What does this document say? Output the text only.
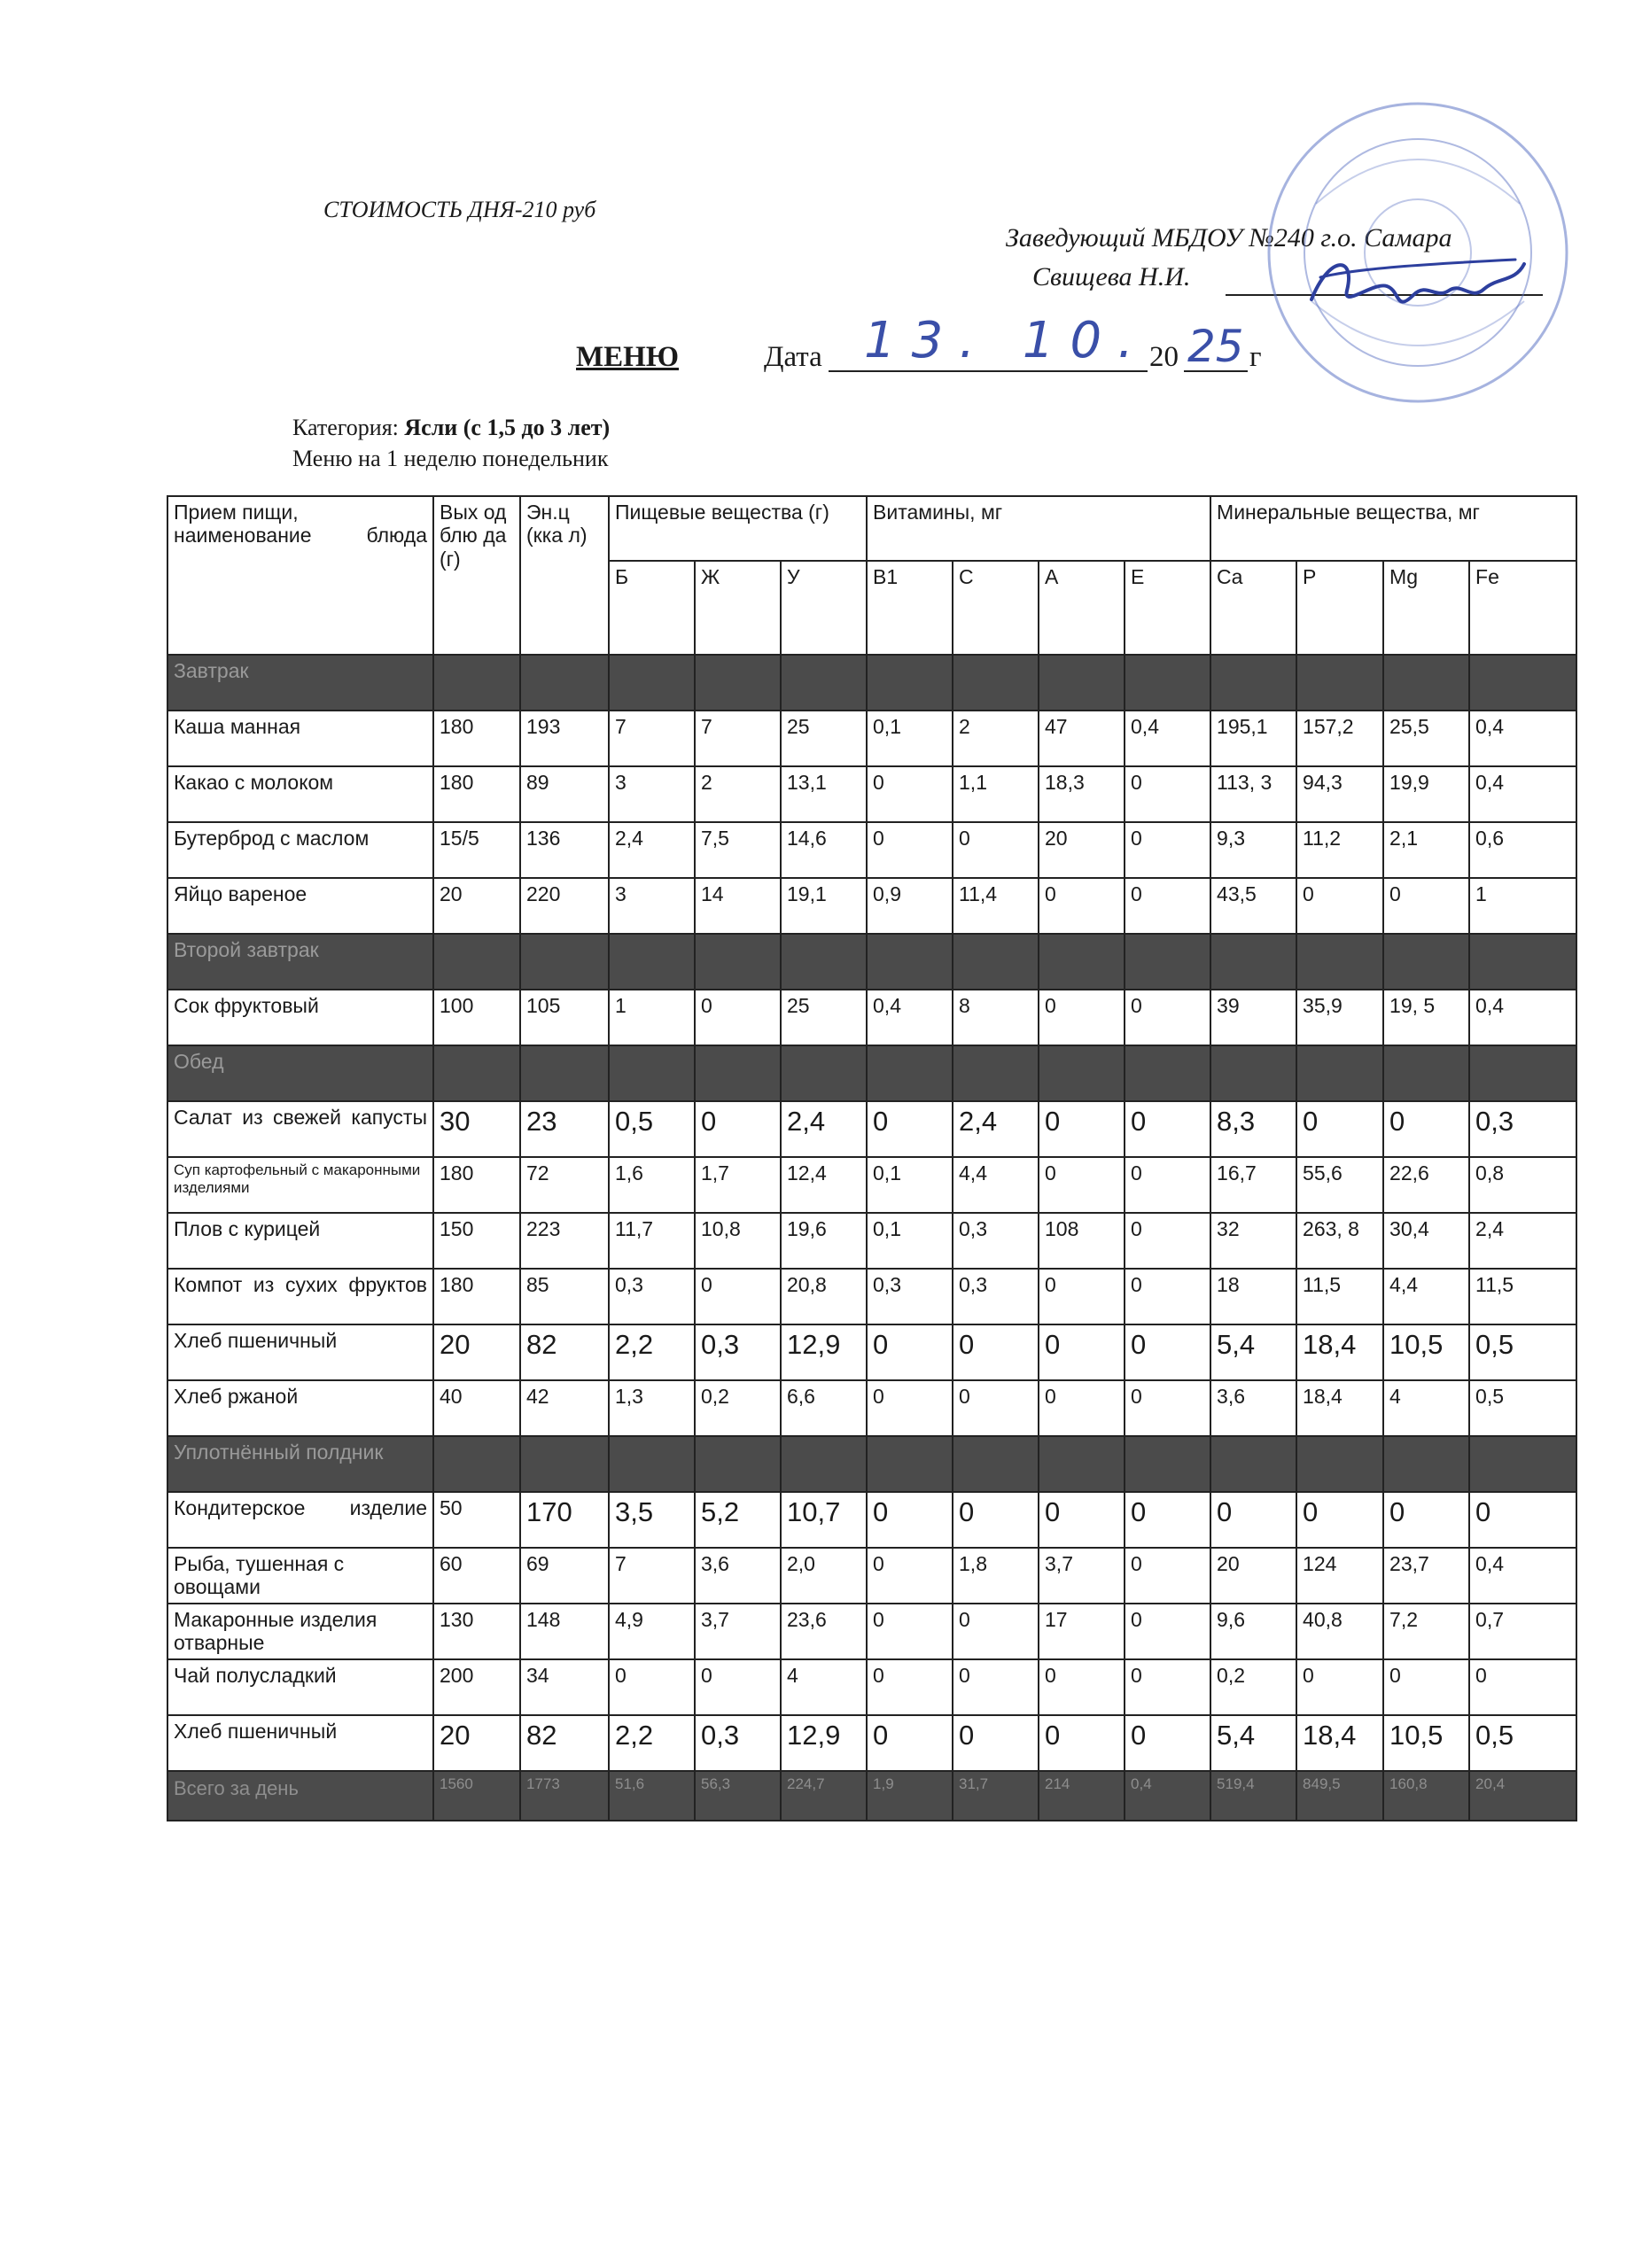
СТОИМОСТЬ ДНЯ-210 руб
Заведующий МБДОУ №240 г.о. Самара
Свищева Н.И.
МЕНЮ	Дата 13. 10. 20 25 г
Категория: Ясли (с 1,5 до 3 лет)
Меню на 1 неделю понедельник
Прием пищи, наименование блюда	Вых од блю да (г)	Эн.ц (кка л)	Пищевые вещества (г)			Витамины, мг				Минеральные вещества, мг			
			Б	Ж	У	В1	С	А	Е	Ca	P	Mg	Fe
Завтрак													
Каша манная	180	193	7	7	25	0,1	2	47	0,4	195,1	157,2	25,5	0,4
Какао с молоком	180	89	3	2	13,1	0	1,1	18,3	0	113, 3	94,3	19,9	0,4
Бутерброд с маслом	15/5	136	2,4	7,5	14,6	0	0	20	0	9,3	11,2	2,1	0,6
Яйцо вареное	20	220	3	14	19,1	0,9	11,4	0	0	43,5	0	0	1
Второй завтрак													
Сок фруктовый	100	105	1	0	25	0,4	8	0	0	39	35,9	19, 5	0,4
Обед													
Салат из свежей капусты	30	23	0,5	0	2,4	0	2,4	0	0	8,3	0	0	0,3
Суп картофельный с макаронными изделиями	180	72	1,6	1,7	12,4	0,1	4,4	0	0	16,7	55,6	22,6	0,8
Плов с курицей	150	223	11,7	10,8	19,6	0,1	0,3	108	0	32	263, 8	30,4	2,4
Компот из сухих фруктов	180	85	0,3	0	20,8	0,3	0,3	0	0	18	11,5	4,4	11,5
Хлеб пшеничный	20	82	2,2	0,3	12,9	0	0	0	0	5,4	18,4	10,5	0,5
Хлеб ржаной	40	42	1,3	0,2	6,6	0	0	0	0	3,6	18,4	4	0,5
Уплотнённый полдник													
Кондитерское изделие	50	170	3,5	5,2	10,7	0	0	0	0	0	0	0	0
Рыба, тушенная с овощами	60	69	7	3,6	2,0	0	1,8	3,7	0	20	124	23,7	0,4
Макаронные изделия отварные	130	148	4,9	3,7	23,6	0	0	17	0	9,6	40,8	7,2	0,7
Чай полусладкий	200	34	0	0	4	0	0	0	0	0,2	0	0	0
Хлеб пшеничный	20	82	2,2	0,3	12,9	0	0	0	0	5,4	18,4	10,5	0,5
Всего за день	1560	1773	51,6	56,3	224,7	1,9	31,7	214	0,4	519,4	849,5	160,8	20,4
